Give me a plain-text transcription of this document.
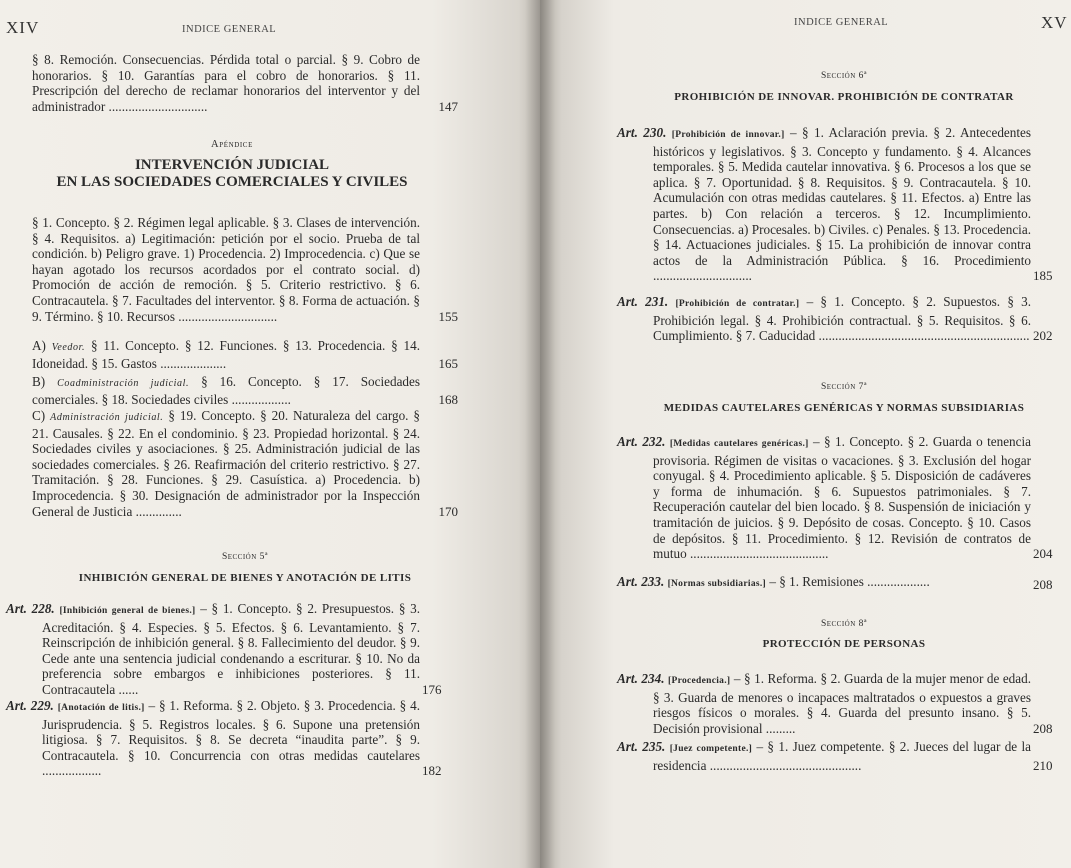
XIV	INDICE GENERAL

§ 8. Remoción. Consecuencias. Pérdida total o parcial. § 9. Cobro de honorarios. § 10. Garantías para el cobro de honorarios. § 11. Prescripción del derecho de reclamar honorarios del interventor y del administrador ..............................	147

Apéndice
INTERVENCIÓN JUDICIAL
EN LAS SOCIEDADES COMERCIALES Y CIVILES

§ 1. Concepto. § 2. Régimen legal aplicable. § 3. Clases de intervención. § 4. Requisitos. a) Legitimación: petición por el socio. Prueba de tal condición. b) Peligro grave. 1) Procedencia. 2) Improcedencia. c) Que se hayan agotado los recursos acordados por el contrato social. d) Promoción de acción de remoción. § 5. Criterio restrictivo. § 6. Contracautela. § 7. Facultades del interventor. § 8. Forma de actuación. § 9. Término. § 10. Recursos ..............................	155

A) Veedor. § 11. Concepto. § 12. Funciones. § 13. Procedencia. § 14. Idoneidad. § 15. Gastos ....................	165

B) Coadministración judicial. § 16. Concepto. § 17. Sociedades comerciales. § 18. Sociedades civiles ..................	168

C) Administración judicial. § 19. Concepto. § 20. Naturaleza del cargo. § 21. Causales. § 22. En el condominio. § 23. Propiedad horizontal. § 24. Sociedades civiles y asociaciones. § 25. Administración judicial de las sociedades comerciales. § 26. Reafirmación del criterio restrictivo. § 27. Tramitación. § 28. Funciones. § 29. Casuística. a) Procedencia. b) Improcedencia. § 30. Designación de administrador por la Inspección General de Justicia ..............	170

Sección 5ª
INHIBICIÓN GENERAL DE BIENES Y ANOTACIÓN DE LITIS

Art. 228. [Inhibición general de bienes.] – § 1. Concepto. § 2. Presupuestos. § 3. Acreditación. § 4. Especies. § 5. Efectos. § 6. Levantamiento. § 7. Reinscripción de inhibición general. § 8. Fallecimiento del deudor. § 9. Cede ante una sentencia judicial condenando a escriturar. § 10. No da preferencia sobre embargos e inhibiciones posteriores. § 11. Contracautela ......	176

Art. 229. [Anotación de litis.] – § 1. Reforma. § 2. Objeto. § 3. Procedencia. § 4. Jurisprudencia. § 5. Registros locales. § 6. Supone una pretensión litigiosa. § 7. Requisitos. § 8. Se decreta “inaudita parte”. § 9. Contracautela. § 10. Concurrencia con otras medidas cautelares ..................	182

INDICE GENERAL	XV
Sección 6ª
PROHIBICIÓN DE INNOVAR. PROHIBICIÓN DE CONTRATAR

Art. 230. [Prohibición de innovar.] – § 1. Aclaración previa. § 2. Antecedentes históricos y legislativos. § 3. Concepto y fundamento. § 4. Alcances temporales. § 5. Medida cautelar innovativa. § 6. Procesos a los que se aplica. § 7. Oportunidad. § 8. Requisitos. § 9. Contracautela. § 10. Acumulación con otras medidas cautelares. § 11. Efectos. a) Entre las partes. b) Con relación a terceros. § 12. Incumplimiento. Consecuencias. a) Procesales. b) Civiles. c) Penales. § 13. Procedencia. § 14. Actuaciones judiciales. § 15. La prohibición de innovar contra actos de la Administración Pública. § 16. Procedimiento ..............................	185

Art. 231. [Prohibición de contratar.] – § 1. Concepto. § 2. Supuestos. § 3. Prohibición legal. § 4. Prohibición contractual. § 5. Requisitos. § 6. Cumplimiento. § 7. Caducidad ................................................................ 202

Sección 7ª
MEDIDAS CAUTELARES GENÉRICAS Y NORMAS SUBSIDIARIAS

Art. 232. [Medidas cautelares genéricas.] – § 1. Concepto. § 2. Guarda o tenencia provisoria. Régimen de visitas o vacaciones. § 3. Exclusión del hogar conyugal. § 4. Procedimiento aplicable. § 5. Disposición de cadáveres y forma de inhumación. § 6. Supuestos patrimoniales. § 7. Recuperación cautelar del bien locado. § 8. Suspensión de iniciación y tramitación de juicios. § 9. Depósito de cosas. Concepto. § 10. Casos de depósitos. § 11. Procedimiento. § 12. Revisión de contratos de mutuo ..........................................	204

Art. 233. [Normas subsidiarias.] – § 1. Remisiones ...................	208

Sección 8ª
PROTECCIÓN DE PERSONAS

Art. 234. [Procedencia.] – § 1. Reforma. § 2. Guarda de la mujer menor de edad. § 3. Guarda de menores o incapaces maltratados o expuestos a graves riesgos físicos o morales. § 4. Guarda del presunto insano. § 5. Decisión provisional .........	208

Art. 235. [Juez competente.] – § 1. Juez competente. § 2. Jueces del lugar de la residencia ..............................................	210
